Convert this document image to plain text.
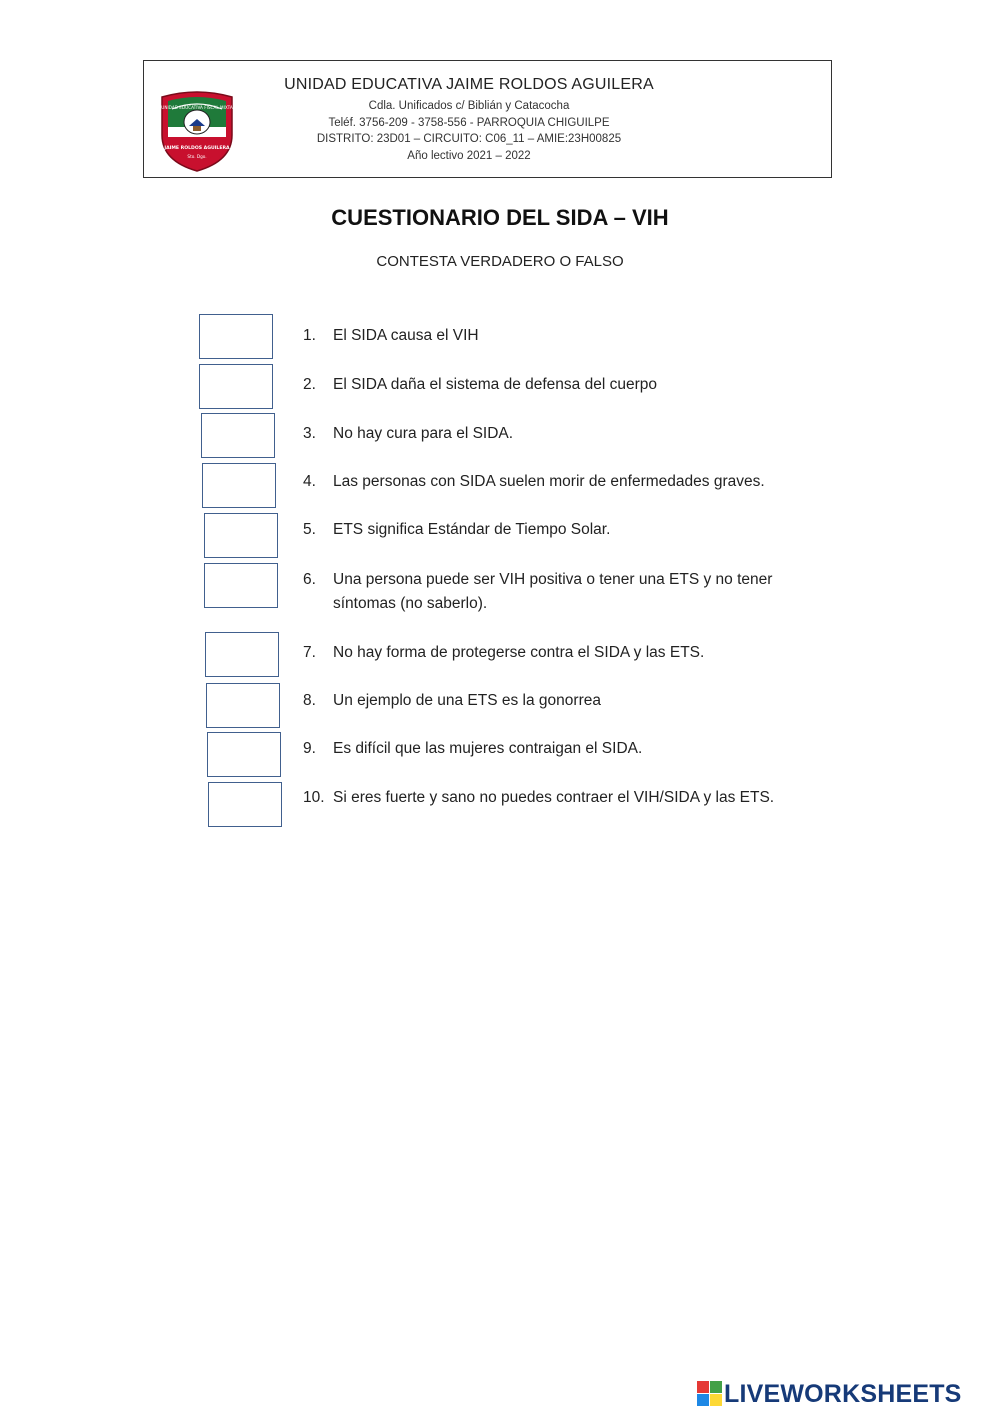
UNIDAD EDUCATIVA FISCAL MIXTA
JAIME ROLDOS AGUILERA
Sto. Dgo.
UNIDAD EDUCATIVA JAIME ROLDOS AGUILERA
Cdla. Unificados c/ Biblián y Catacocha
Teléf. 3756-209 - 3758-556 - PARROQUIA CHIGUILPE
DISTRITO: 23D01 – CIRCUITO: C06_11 – AMIE:23H00825
Año lectivo 2021 – 2022
CUESTIONARIO DEL SIDA – VIH
CONTESTA VERDADERO O FALSO
1. El SIDA causa el VIH
2. El SIDA daña el sistema de defensa del cuerpo
3. No hay cura para el SIDA.
4. Las personas con SIDA suelen morir de enfermedades graves.
5. ETS significa Estándar de Tiempo Solar.
6. Una persona puede ser VIH positiva o tener una ETS y no tener síntomas (no saberlo).
7. No hay forma de protegerse contra el SIDA y las ETS.
8. Un ejemplo de una ETS es la gonorrea
9. Es difícil que las mujeres contraigan el SIDA.
10. Si eres fuerte y sano no puedes contraer el VIH/SIDA y las ETS.
LIVEWORKSHEETS
